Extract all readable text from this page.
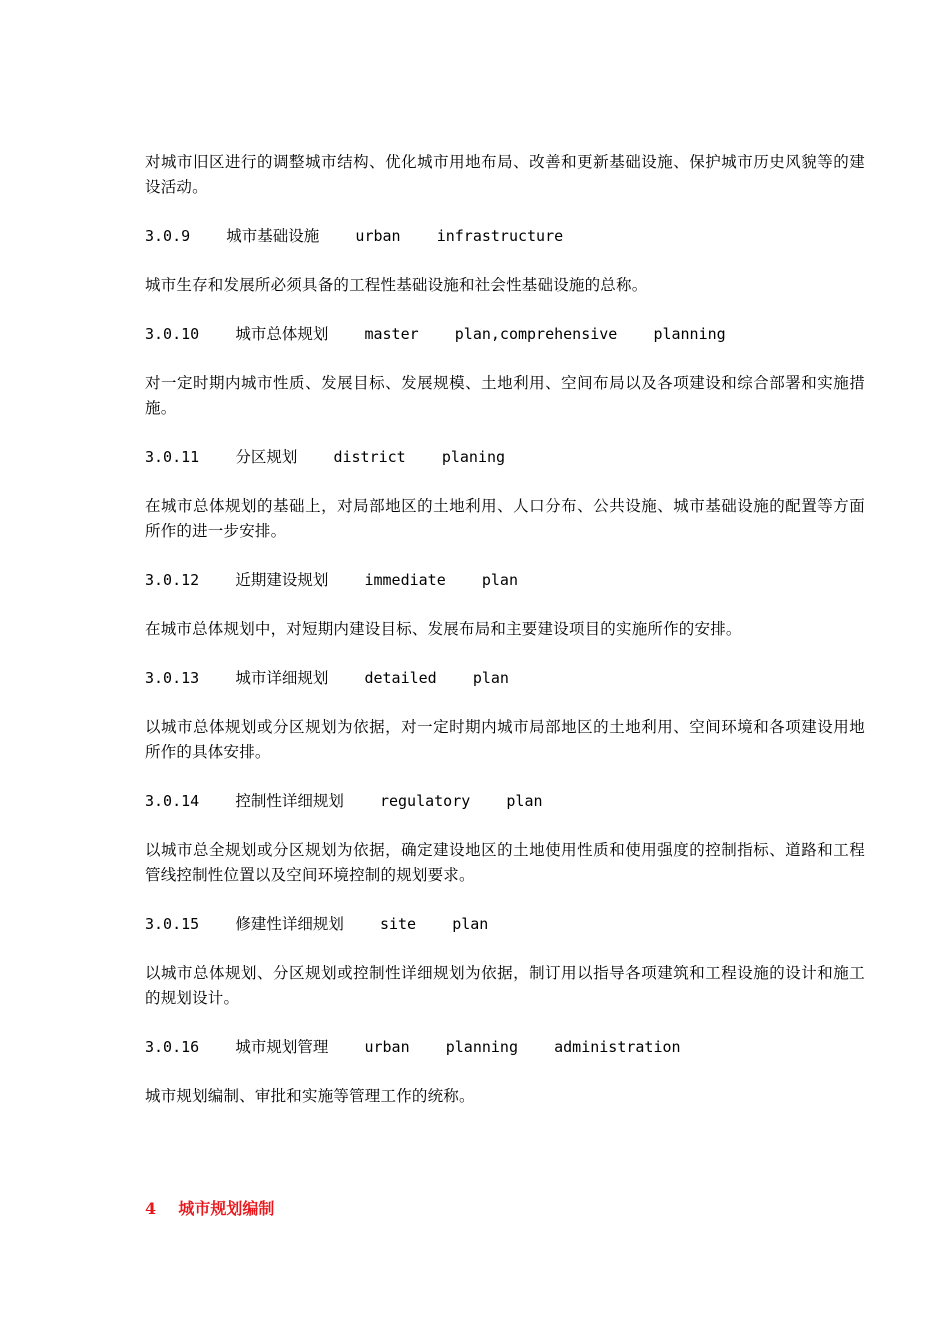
对城市旧区进行的调整城市结构、优化城市用地布局、改善和更新基础设施、保护城市历史风貌等的建设活动。

3.0.9 城市基础设施 urban    infrastructure

城市生存和发展所必须具备的工程性基础设施和社会性基础设施的总称。

3.0.10 城市总体规划 master    plan,comprehensive    planning

对一定时期内城市性质、发展目标、发展规模、土地利用、空间布局以及各项建设和综合部署和实施措施。

3.0.11 分区规划 district    planing

在城市总体规划的基础上，对局部地区的土地利用、人口分布、公共设施、城市基础设施的配置等方面所作的进一步安排。

3.0.12 近期建设规划 immediate    plan

在城市总体规划中，对短期内建设目标、发展布局和主要建设项目的实施所作的安排。

3.0.13 城市详细规划 detailed    plan

以城市总体规划或分区规划为依据，对一定时期内城市局部地区的土地利用、空间环境和各项建设用地所作的具体安排。

3.0.14 控制性详细规划 regulatory    plan

以城市总全规划或分区规划为依据，确定建设地区的土地使用性质和使用强度的控制指标、道路和工程管线控制性位置以及空间环境控制的规划要求。

3.0.15 修建性详细规划 site    plan

以城市总体规划、分区规划或控制性详细规划为依据，制订用以指导各项建筑和工程设施的设计和施工的规划设计。

3.0.16 城市规划管理 urban    planning    administration

城市规划编制、审批和实施等管理工作的统称。

4 城市规划编制
